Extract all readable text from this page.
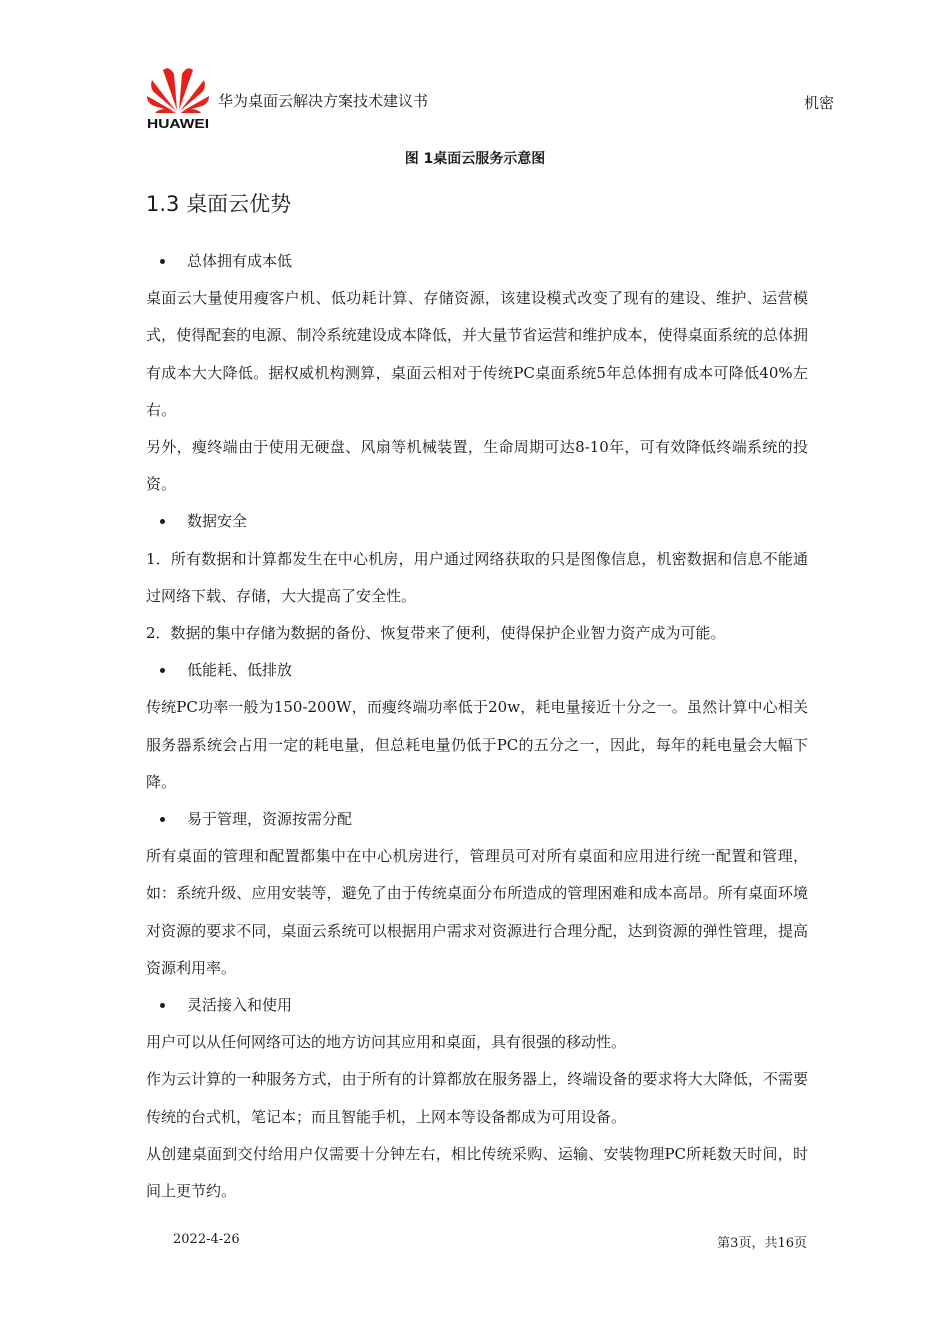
HUAWEI
华为桌面云解决方案技术建议书	机密
图 1桌面云服务示意图
1.3 桌面云优势

总体拥有成本低

桌面云大量使用瘦客户机、低功耗计算、存储资源，该建设模式改变了现有的建设、维护、运营模式，使得配套的电源、制冷系统建设成本降低，并大量节省运营和维护成本，使得桌面系统的总体拥有成本大大降低。据权威机构测算，桌面云相对于传统PC桌面系统5年总体拥有成本可降低40%左右。

另外，瘦终端由于使用无硬盘、风扇等机械装置，生命周期可达8-10年，可有效降低终端系统的投资。

数据安全

1．所有数据和计算都发生在中心机房，用户通过网络获取的只是图像信息，机密数据和信息不能通过网络下载、存储，大大提高了安全性。

2．数据的集中存储为数据的备份、恢复带来了便利，使得保护企业智力资产成为可能。

低能耗、低排放

传统PC功率一般为150-200W，而瘦终端功率低于20w，耗电量接近十分之一。虽然计算中心相关服务器系统会占用一定的耗电量，但总耗电量仍低于PC的五分之一，因此，每年的耗电量会大幅下降。

易于管理，资源按需分配

所有桌面的管理和配置都集中在中心机房进行，管理员可对所有桌面和应用进行统一配置和管理，如：系统升级、应用安装等，避免了由于传统桌面分布所造成的管理困难和成本高昂。所有桌面环境对资源的要求不同，桌面云系统可以根据用户需求对资源进行合理分配，达到资源的弹性管理，提高资源利用率。

灵活接入和使用

用户可以从任何网络可达的地方访问其应用和桌面，具有很强的移动性。

作为云计算的一种服务方式，由于所有的计算都放在服务器上，终端设备的要求将大大降低，不需要传统的台式机，笔记本；而且智能手机，上网本等设备都成为可用设备。

从创建桌面到交付给用户仅需要十分钟左右，相比传统采购、运输、安装物理PC所耗数天时间，时间上更节约。

2022-4-26	第3页，共16页
